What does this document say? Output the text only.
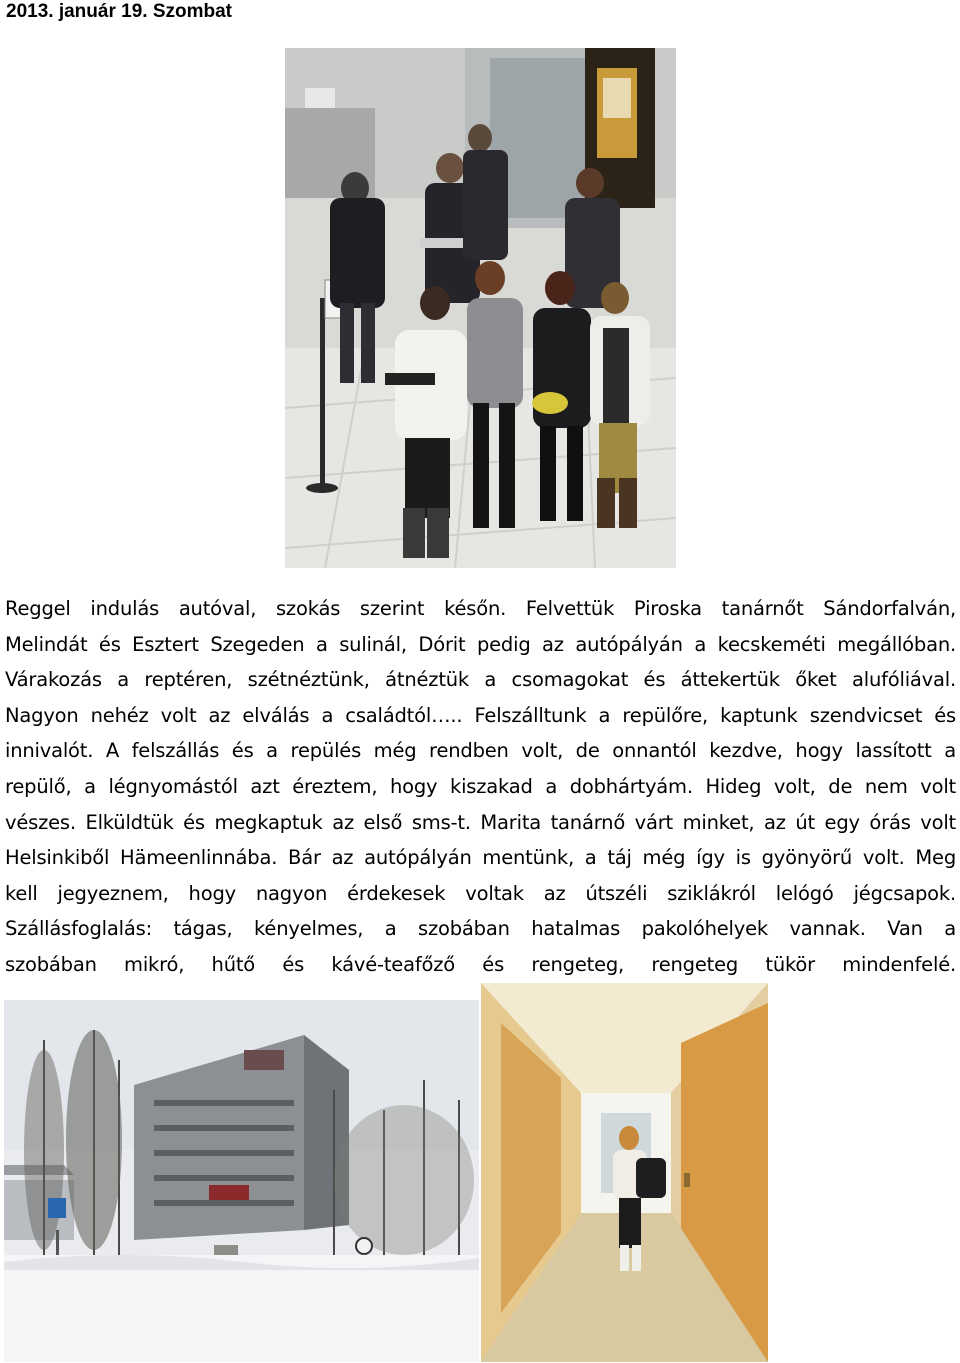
2013. január 19. Szombat
Reggel indulás autóval, szokás szerint későn. Felvettük Piroska tanárnőt Sándorfalván,
Melindát és Esztert Szegeden a sulinál, Dórit pedig az autópályán a kecskeméti megállóban.
Várakozás a reptéren, szétnéztünk, átnéztük a csomagokat és áttekertük őket alufóliával.
Nagyon nehéz volt az elválás a családtól….. Felszálltunk a repülőre, kaptunk szendvicset és
innivalót. A felszállás és a repülés még rendben volt, de onnantól kezdve, hogy lassított a
repülő, a légnyomástól azt éreztem, hogy kiszakad a dobhártyám. Hideg volt, de nem volt
vészes. Elküldtük és megkaptuk az első sms-t. Marita tanárnő várt minket, az út egy órás volt
Helsinkiből Hämeenlinnába. Bár az autópályán mentünk, a táj még így is gyönyörű volt. Meg
kell jegyeznem, hogy nagyon érdekesek voltak az útszéli sziklákról lelógó jégcsapok.
Szállásfoglalás: tágas, kényelmes, a szobában hatalmas pakolóhelyek vannak. Van a
szobában mikró, hűtő és kávé-teafőző és rengeteg, rengeteg tükör mindenfelé.
